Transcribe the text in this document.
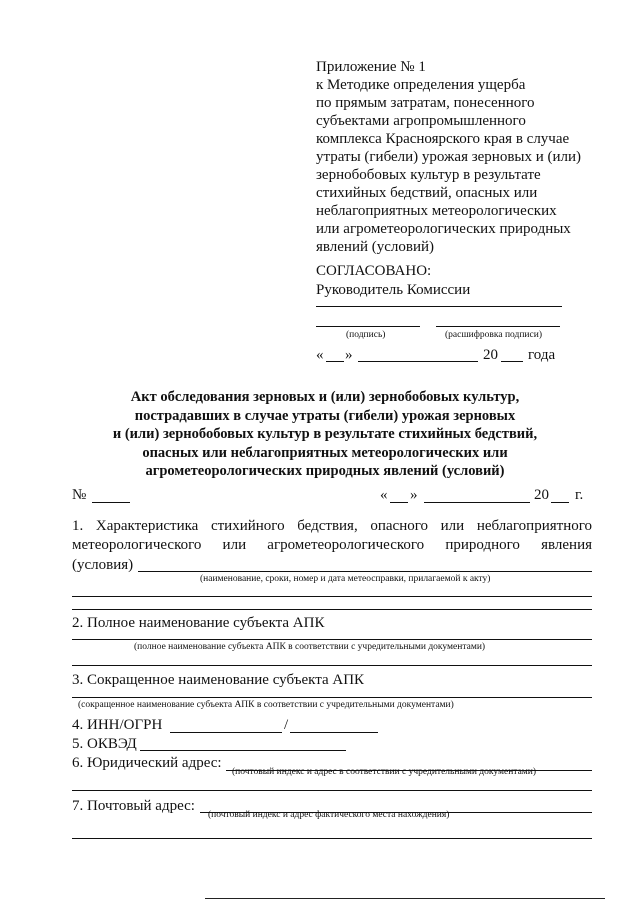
Приложение № 1
к Методике определения ущерба
по прямым затратам, понесенного
субъектами агропромышленного
комплекса Красноярского края в случае
утраты (гибели) урожая зерновых и (или)
зернобобовых культур в результате
стихийных бедствий, опасных или
неблагоприятных метеорологических
или агрометеорологических природных
явлений (условий)
СОГЛАСОВАНО:
Руководитель Комиссии
(подпись)	(расшифровка подписи)
« »	20 года
Акт обследования зерновых и (или) зернобобовых культур,
пострадавших в случае утраты (гибели) урожая зерновых
и (или) зернобобовых культур в результате стихийных бедствий,
опасных или неблагоприятных метеорологических или
агрометеорологических природных явлений (условий)
№	« »	20 г.
1. Характеристика стихийного бедствия, опасного или неблагоприятного
метеорологического или агрометеорологического природного явления
(условия)
(наименование, сроки, номер и дата метеосправки, прилагаемой к акту)
2. Полное наименование субъекта АПК
(полное наименование субъекта АПК в соответствии с учредительными документами)
3. Сокращенное наименование субъекта АПК
(сокращенное наименование субъекта АПК в соответствии с учредительными документами)
4. ИНН/ОГРН	/
5. ОКВЭД
6. Юридический адрес:
(почтовый индекс и адрес в соответствии с учредительными документами)
7. Почтовый адрес:
(почтовый индекс и адрес фактического места нахождения)
